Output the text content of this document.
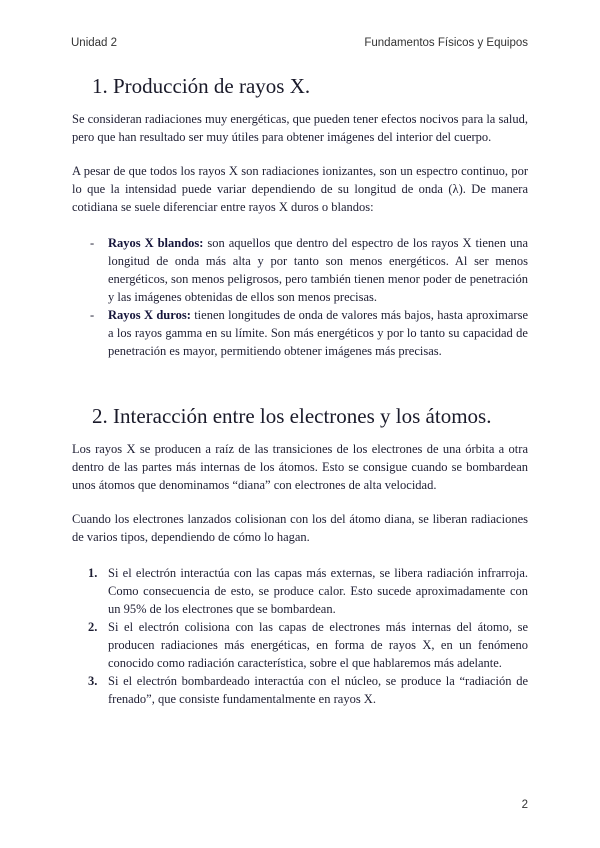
Unidad 2	Fundamentos Físicos y Equipos
1. Producción de rayos X.

Se consideran radiaciones muy energéticas, que pueden tener efectos nocivos para la salud, pero que han resultado ser muy útiles para obtener imágenes del interior del cuerpo.

A pesar de que todos los rayos X son radiaciones ionizantes, son un espectro continuo, por lo que la intensidad puede variar dependiendo de su longitud de onda (λ). De manera cotidiana se suele diferenciar entre rayos X duros o blandos:

- Rayos X blandos: son aquellos que dentro del espectro de los rayos X tienen una longitud de onda más alta y por tanto son menos energéticos. Al ser menos energéticos, son menos peligrosos, pero también tienen menor poder de penetración y las imágenes obtenidas de ellos son menos precisas.
- Rayos X duros: tienen longitudes de onda de valores más bajos, hasta aproximarse a los rayos gamma en su límite. Son más energéticos y por lo tanto su capacidad de penetración es mayor, permitiendo obtener imágenes más precisas.
2. Interacción entre los electrones y los átomos.

Los rayos X se producen a raíz de las transiciones de los electrones de una órbita a otra dentro de las partes más internas de los átomos. Esto se consigue cuando se bombardean unos átomos que denominamos “diana” con electrones de alta velocidad.

Cuando los electrones lanzados colisionan con los del átomo diana, se liberan radiaciones de varios tipos, dependiendo de cómo lo hagan.

1. Si el electrón interactúa con las capas más externas, se libera radiación infrarroja. Como consecuencia de esto, se produce calor. Esto sucede aproximadamente con un 95% de los electrones que se bombardean.
2. Si el electrón colisiona con las capas de electrones más internas del átomo, se producen radiaciones más energéticas, en forma de rayos X, en un fenómeno conocido como radiación característica, sobre el que hablaremos más adelante.
3. Si el electrón bombardeado interactúa con el núcleo, se produce la “radiación de frenado”, que consiste fundamentalmente en rayos X.
2
